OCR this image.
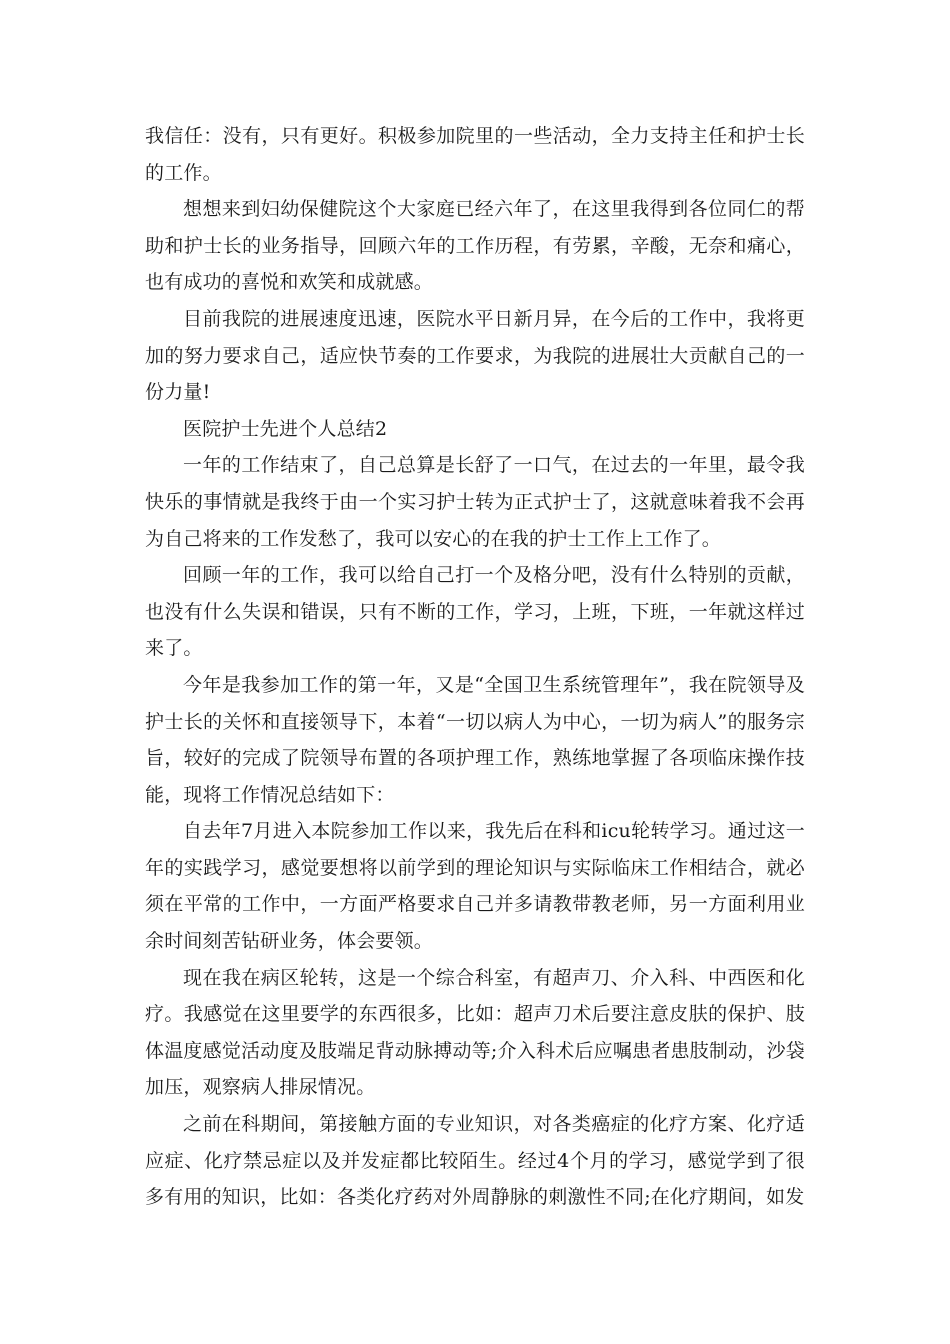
我信任：没有，只有更好。积极参加院里的一些活动，全力支持主任和护士长的工作。

想想来到妇幼保健院这个大家庭已经六年了，在这里我得到各位同仁的帮助和护士长的业务指导，回顾六年的工作历程，有劳累，辛酸，无奈和痛心，也有成功的喜悦和欢笑和成就感。

目前我院的进展速度迅速，医院水平日新月异，在今后的工作中，我将更加的努力要求自己，适应快节奏的工作要求，为我院的进展壮大贡献自己的一份力量!

医院护士先进个人总结2

一年的工作结束了，自己总算是长舒了一口气，在过去的一年里，最令我快乐的事情就是我终于由一个实习护士转为正式护士了，这就意味着我不会再为自己将来的工作发愁了，我可以安心的在我的护士工作上工作了。

回顾一年的工作，我可以给自己打一个及格分吧，没有什么特别的贡献，也没有什么失误和错误，只有不断的工作，学习，上班，下班，一年就这样过来了。

今年是我参加工作的第一年，又是“全国卫生系统管理年”，我在院领导及护士长的关怀和直接领导下，本着“一切以病人为中心，一切为病人”的服务宗旨，较好的完成了院领导布置的各项护理工作，熟练地掌握了各项临床操作技能，现将工作情况总结如下：

自去年7月进入本院参加工作以来，我先后在科和icu轮转学习。通过这一年的实践学习，感觉要想将以前学到的理论知识与实际临床工作相结合，就必须在平常的工作中，一方面严格要求自己并多请教带教老师，另一方面利用业余时间刻苦钻研业务，体会要领。

现在我在病区轮转，这是一个综合科室，有超声刀、介入科、中西医和化疗。我感觉在这里要学的东西很多，比如：超声刀术后要注意皮肤的保护、肢体温度感觉活动度及肢端足背动脉搏动等;介入科术后应嘱患者患肢制动，沙袋加压，观察病人排尿情况。

之前在科期间，第接触方面的专业知识，对各类癌症的化疗方案、化疗适应症、化疗禁忌症以及并发症都比较陌生。经过4个月的学习，感觉学到了很多有用的知识，比如：各类化疗药对外周静脉的刺激性不同;在化疗期间，如发
